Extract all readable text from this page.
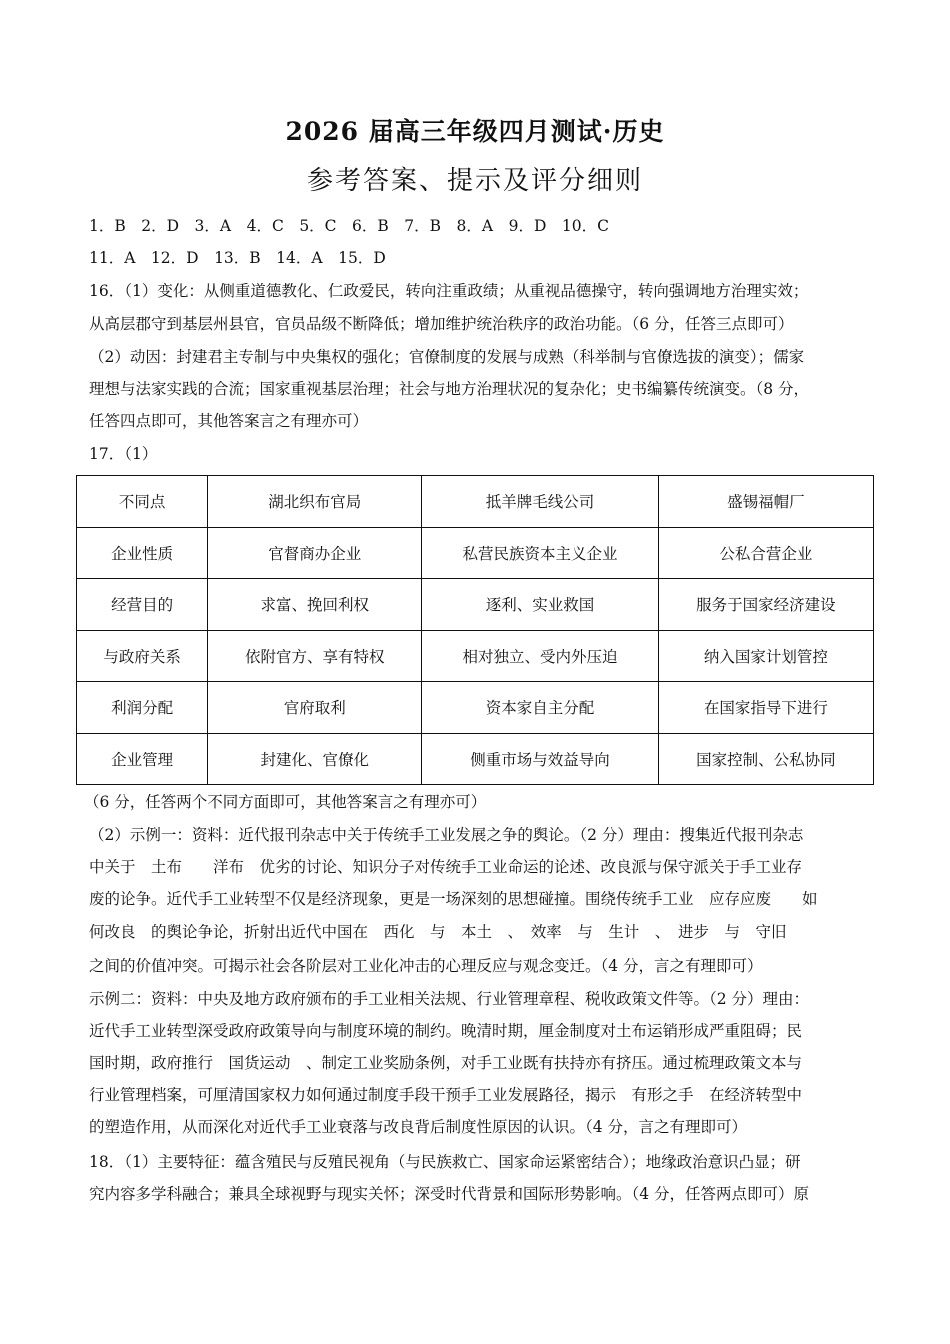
2026 届高三年级四月测试·历史
参考答案、提示及评分细则
1．B　2．D　3．A　4．C　5．C　6．B　7．B　8．A　9．D　10．C
11．A　12．D　13．B　14．A　15．D
16．（1）变化：从侧重道德教化、仁政爱民，转向注重政绩；从重视品德操守，转向强调地方治理实效；
从高层郡守到基层州县官，官员品级不断降低；增加维护统治秩序的政治功能。（6 分，任答三点即可）
（2）动因：封建君主专制与中央集权的强化；官僚制度的发展与成熟（科举制与官僚选拔的演变）；儒家
理想与法家实践的合流；国家重视基层治理；社会与地方治理状况的复杂化；史书编纂传统演变。（8 分，
任答四点即可，其他答案言之有理亦可）
17．（1）
不同点	湖北织布官局	抵羊牌毛线公司	盛锡福帽厂
企业性质	官督商办企业	私营民族资本主义企业	公私合营企业
经营目的	求富、挽回利权	逐利、实业救国	服务于国家经济建设
与政府关系	依附官方、享有特权	相对独立、受内外压迫	纳入国家计划管控
利润分配	官府取利	资本家自主分配	在国家指导下进行
企业管理	封建化、官僚化	侧重市场与效益导向	国家控制、公私协同
（6 分，任答两个不同方面即可，其他答案言之有理亦可）
（2）示例一：资料：近代报刊杂志中关于传统手工业发展之争的舆论。（2 分）理由：搜集近代报刊杂志
中关于　土布　　洋布　优劣的讨论、知识分子对传统手工业命运的论述、改良派与保守派关于手工业存
废的论争。近代手工业转型不仅是经济现象，更是一场深刻的思想碰撞。围绕传统手工业　应存应废　　如
何改良　的舆论争论，折射出近代中国在　西化　与　本土　、　效率　与　生计　、　进步　与　守旧
之间的价值冲突。可揭示社会各阶层对工业化冲击的心理反应与观念变迁。（4 分，言之有理即可）
示例二：资料：中央及地方政府颁布的手工业相关法规、行业管理章程、税收政策文件等。（2 分）理由：
近代手工业转型深受政府政策导向与制度环境的制约。晚清时期，厘金制度对土布运销形成严重阻碍；民
国时期，政府推行　国货运动　、制定工业奖励条例，对手工业既有扶持亦有挤压。通过梳理政策文本与
行业管理档案，可厘清国家权力如何通过制度手段干预手工业发展路径，揭示　有形之手　在经济转型中
的塑造作用，从而深化对近代手工业衰落与改良背后制度性原因的认识。（4 分，言之有理即可）
18．（1）主要特征：蕴含殖民与反殖民视角（与民族救亡、国家命运紧密结合）；地缘政治意识凸显；研
究内容多学科融合；兼具全球视野与现实关怀；深受时代背景和国际形势影响。（4 分，任答两点即可）原
